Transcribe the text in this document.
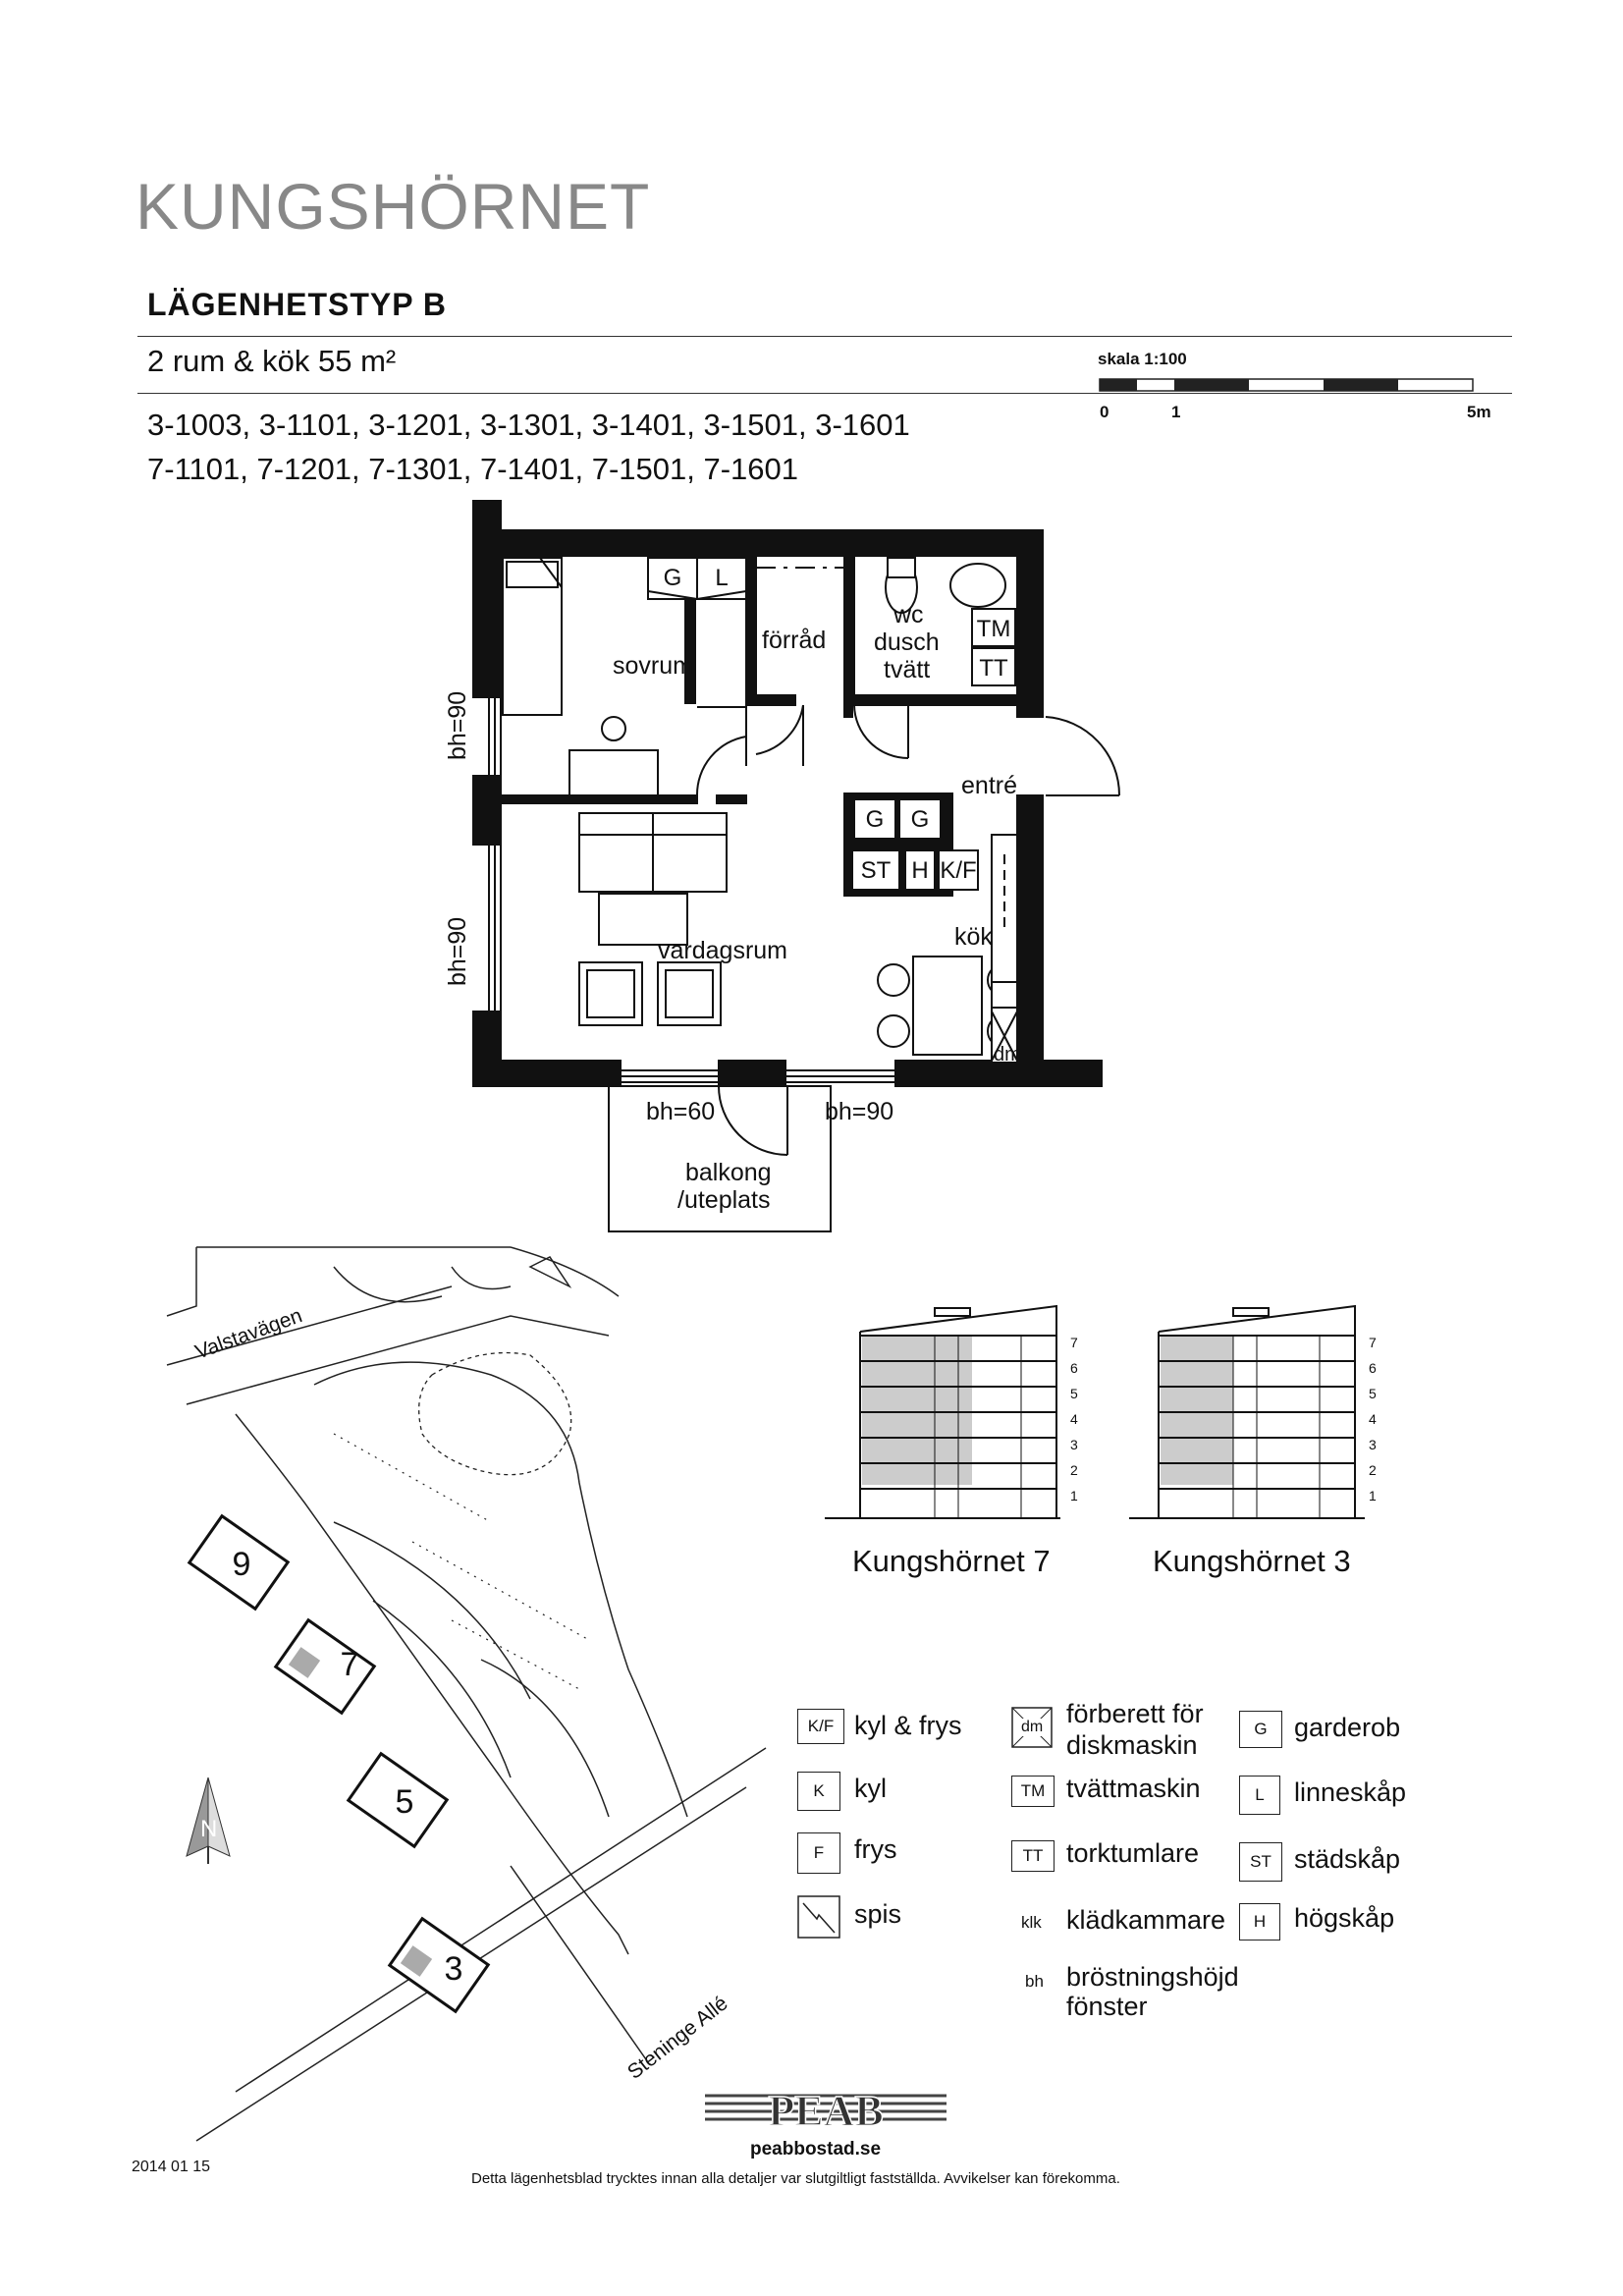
KUNGSHÖRNET
LÄGENHETSTYP B
2 rum & kök 55 m²
3-1003, 3-1101, 3-1201, 3-1301, 3-1401, 3-1501, 3-1601
7-1101, 7-1201, 7-1301, 7-1401, 7-1501, 7-1601
skala 1:100
0	1	5m
sovrum
förråd
wc
dusch
tvätt
entré
vardagsrum	kök
balkong
/uteplats
bh=60	bh=90
bh=90
bh=90
dm
G L
TM
TT
G G
ST H K/F
9
7
5
3
Valstavägen
Steninge Allé
N
7
6
5
4
3
2
1
7
6
5
4
3
2
1
Kungshörnet 7	Kungshörnet 3
K/F kyl & frys
K	kyl
F	frys
spis
dm förberett för
diskmaskin
TM tvättmaskin
TT torktumlare
klk klädkammare
bh bröstningshöjd
fönster
G	garderob
L	linneskåp
ST städskåp
H	högskåp
PEAB
peabbostad.se
2014 01 15
Detta lägenhetsblad trycktes innan alla detaljer var slutgiltligt fastställda. Avvikelser kan förekomma.
